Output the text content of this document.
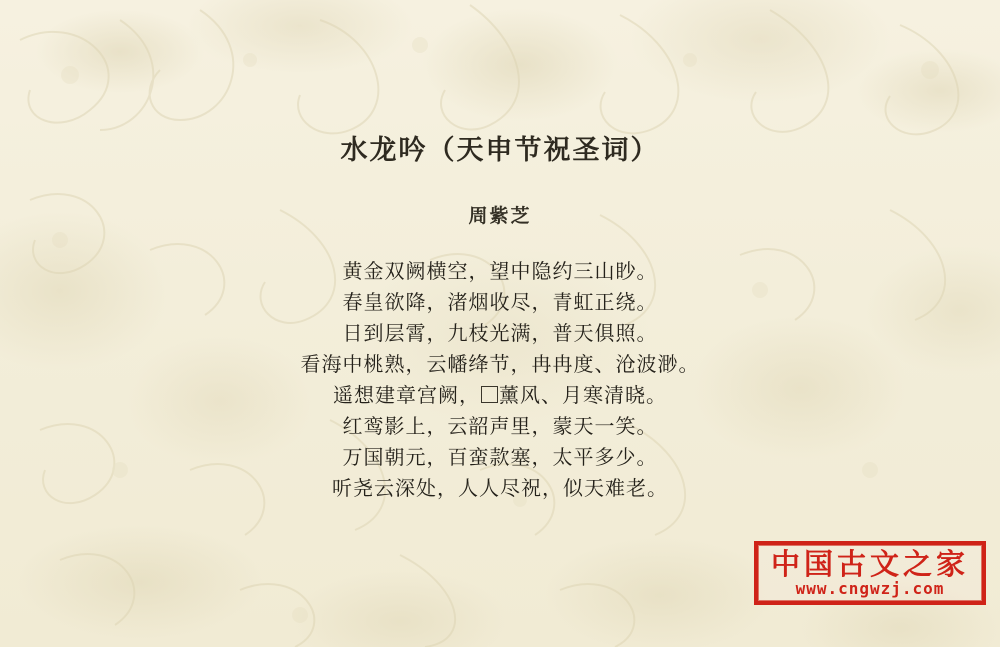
水龙吟（天申节祝圣词）
周紫芝
黄金双阙横空，望中隐约三山眇。
春皇欲降，渚烟收尽，青虹正绕。
日到层霄，九枝光满，普天俱照。
看海中桃熟，云幡绛节，冉冉度、沧波渺。
遥想建章宫阙， 薰风、月寒清晓。
红鸾影上，云韶声里，蒙天一笑。
万国朝元，百蛮款塞，太平多少。
听尧云深处，人人尽祝，似天难老。
中国古文之家
www.cngwzj.com
